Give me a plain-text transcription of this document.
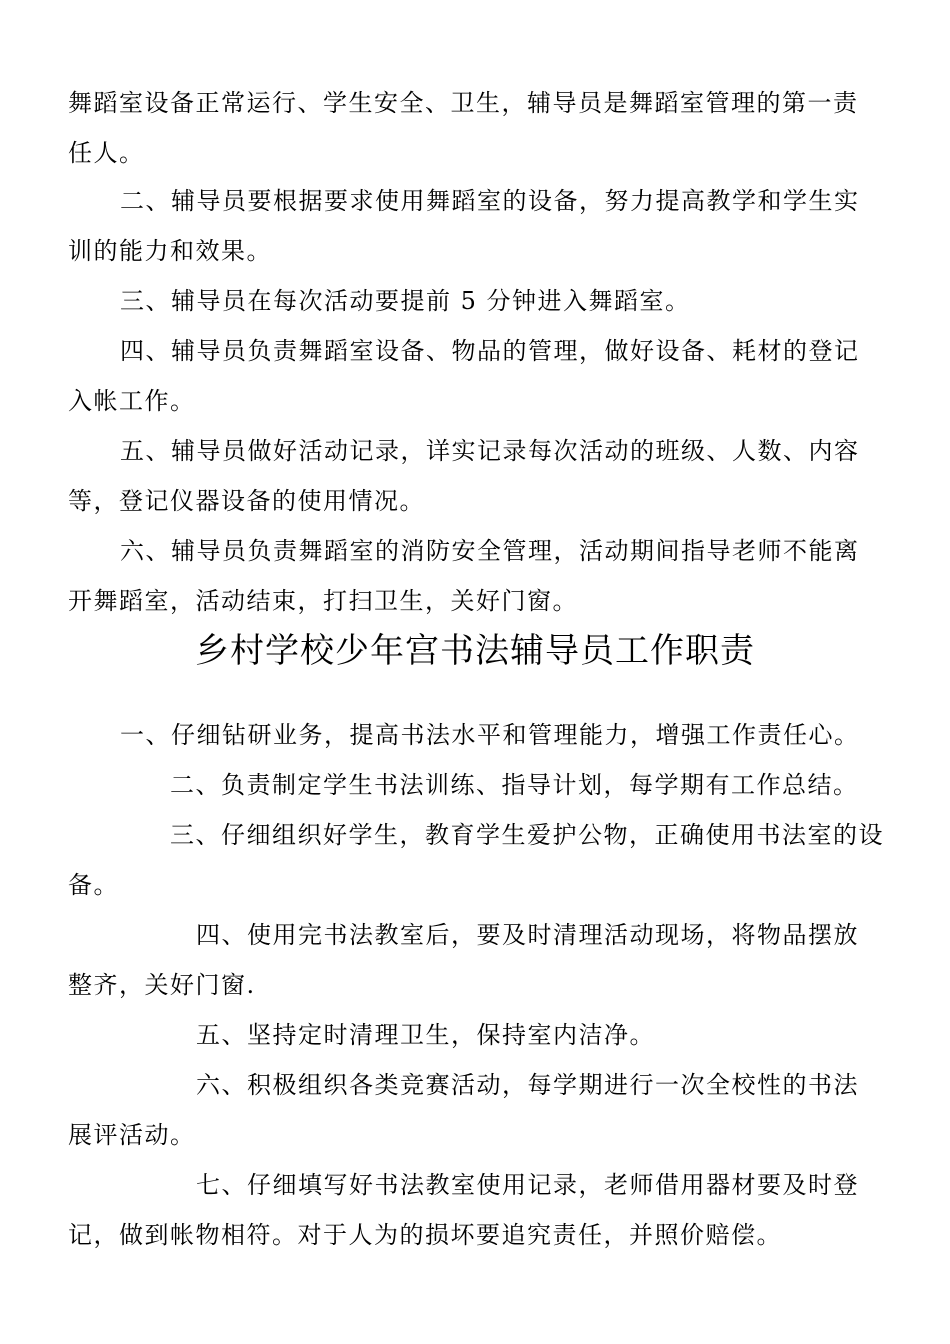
舞蹈室设备正常运行、学生安全、卫生，辅导员是舞蹈室管理的第一责
任人。
二、辅导员要根据要求使用舞蹈室的设备，努力提高教学和学生实
训的能力和效果。
三、辅导员在每次活动要提前 5 分钟进入舞蹈室。
四、辅导员负责舞蹈室设备、物品的管理，做好设备、耗材的登记
入帐工作。
五、辅导员做好活动记录，详实记录每次活动的班级、人数、内容
等，登记仪器设备的使用情况。
六、辅导员负责舞蹈室的消防安全管理，活动期间指导老师不能离
开舞蹈室，活动结束，打扫卫生，关好门窗。
乡村学校少年宫书法辅导员工作职责
一、仔细钻研业务，提高书法水平和管理能力，增强工作责任心。
二、负责制定学生书法训练、指导计划，每学期有工作总结。
三、仔细组织好学生，教育学生爱护公物，正确使用书法室的设
备。
四、使用完书法教室后，要及时清理活动现场，将物品摆放
整齐，关好门窗.
五、坚持定时清理卫生，保持室内洁净。
六、积极组织各类竞赛活动，每学期进行一次全校性的书法
展评活动。
七、仔细填写好书法教室使用记录，老师借用器材要及时登
记，做到帐物相符。对于人为的损坏要追究责任，并照价赔偿。
